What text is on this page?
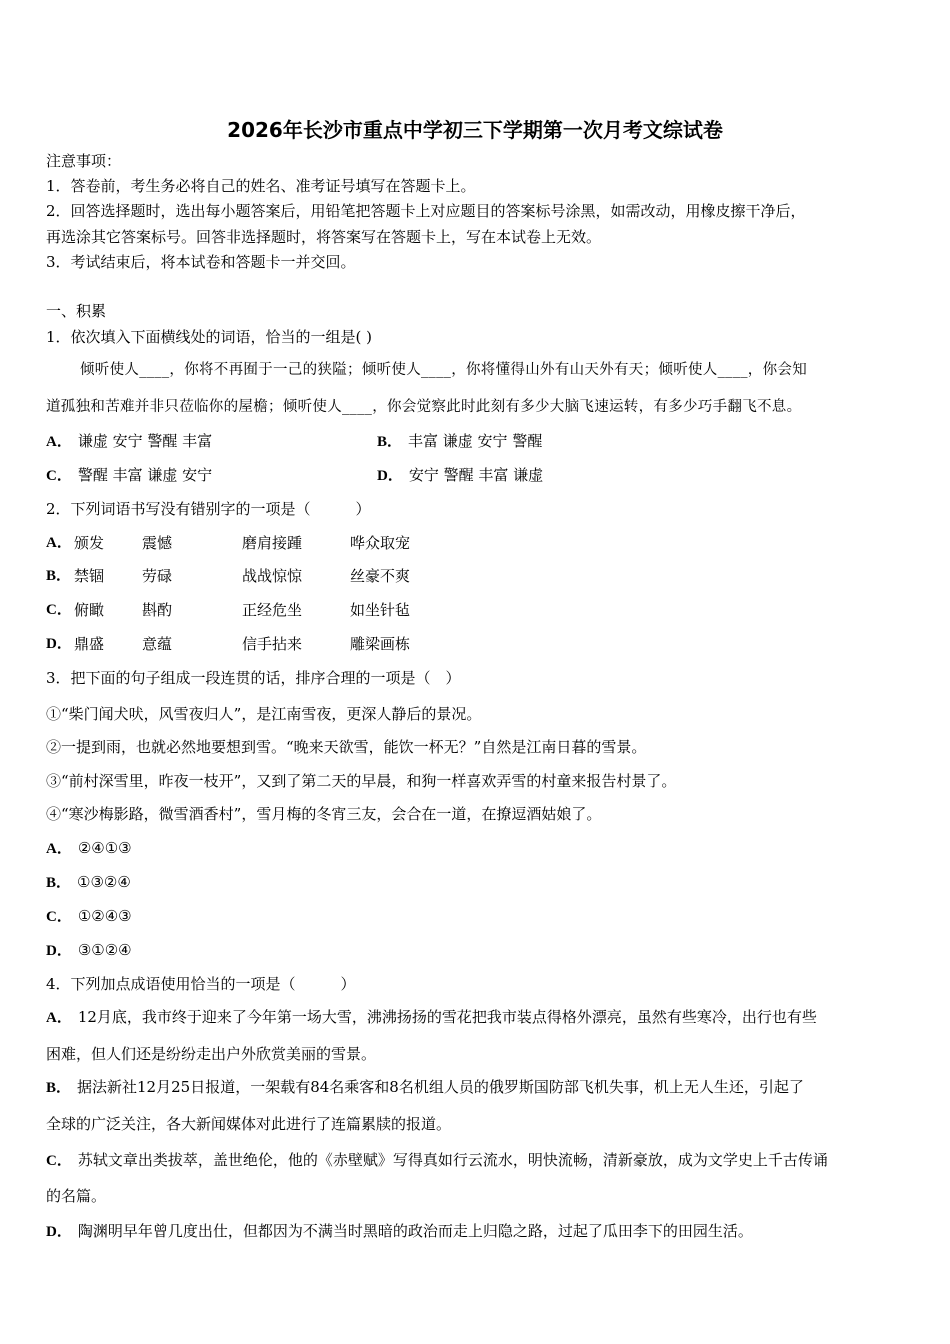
2026年长沙市重点中学初三下学期第一次月考文综试卷
注意事项：
1．答卷前，考生务必将自己的姓名、准考证号填写在答题卡上。
2．回答选择题时，选出每小题答案后，用铅笔把答题卡上对应题目的答案标号涂黑，如需改动，用橡皮擦干净后，
再选涂其它答案标号。回答非选择题时，将答案写在答题卡上，写在本试卷上无效。
3．考试结束后，将本试卷和答题卡一并交回。
一、积累
1．依次填入下面横线处的词语，恰当的一组是( )
倾听使人____，你将不再囿于一己的狭隘；倾听使人____，你将懂得山外有山天外有天；倾听使人____，你会知
道孤独和苦难并非只莅临你的屋檐；倾听使人____，你会觉察此时此刻有多少大脑飞速运转，有多少巧手翻飞不息。
A． 谦虚 安宁 警醒 丰富	B． 丰富 谦虚 安宁 警醒
C． 警醒 丰富 谦虚 安宁	D． 安宁 警醒 丰富 谦虚
2．下列词语书写没有错别字的一项是（　　　）
A． 颁发	震憾	磨肩接踵	哗众取宠
B． 禁锢	劳碌	战战惊惊	丝豪不爽
C． 俯瞰	斟酌	正经危坐	如坐针毡
D． 鼎盛	意蕴	信手拈来	雕梁画栋
3．把下面的句子组成一段连贯的话，排序合理的一项是（　）
①“柴门闻犬吠，风雪夜归人”，是江南雪夜，更深人静后的景况。
②一提到雨，也就必然地要想到雪。“晚来天欲雪，能饮一杯无？”自然是江南日暮的雪景。
③“前村深雪里，昨夜一枝开”，又到了第二天的早晨，和狗一样喜欢弄雪的村童来报告村景了。
④“寒沙梅影路，微雪酒香村”，雪月梅的冬宵三友，会合在一道，在撩逗酒姑娘了。
A． ②④①③
B． ①③②④
C． ①②④③
D． ③①②④
4．下列加点成语使用恰当的一项是（　　　）
A． 12月底，我市终于迎来了今年第一场大雪，沸沸扬扬的雪花把我市装点得格外漂亮，虽然有些寒冷，出行也有些
困难，但人们还是纷纷走出户外欣赏美丽的雪景。
B． 据法新社12月25日报道，一架载有84名乘客和8名机组人员的俄罗斯国防部飞机失事，机上无人生还，引起了
全球的广泛关注，各大新闻媒体对此进行了连篇累牍的报道。
C． 苏轼文章出类拔萃，盖世绝伦，他的《赤壁赋》写得真如行云流水，明快流畅，清新豪放，成为文学史上千古传诵
的名篇。
D． 陶渊明早年曾几度出仕，但都因为不满当时黑暗的政治而走上归隐之路，过起了瓜田李下的田园生活。
